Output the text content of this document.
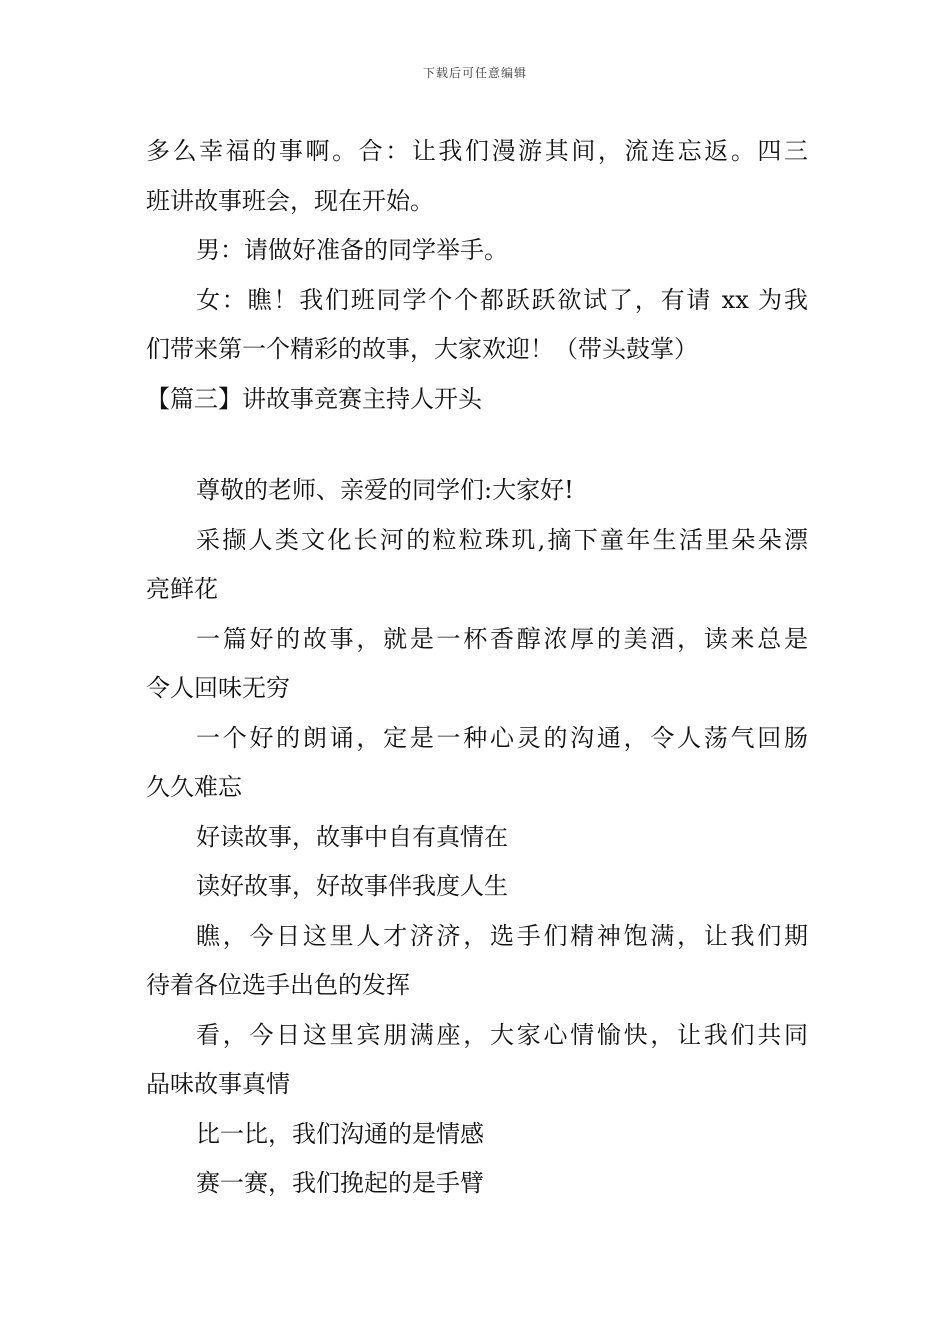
下载后可任意编辑
多么幸福的事啊。合：让我们漫游其间，流连忘返。四三
班讲故事班会，现在开始。
男：请做好准备的同学举手。
女：瞧！我们班同学个个都跃跃欲试了，有请 xx 为我
们带来第一个精彩的故事，大家欢迎！（带头鼓掌）
【篇三】讲故事竞赛主持人开头
尊敬的老师、亲爱的同学们:大家好!
采撷人类文化长河的粒粒珠玑,摘下童年生活里朵朵漂
亮鲜花
一篇好的故事，就是一杯香醇浓厚的美酒，读来总是
令人回味无穷
一个好的朗诵，定是一种心灵的沟通，令人荡气回肠
久久难忘
好读故事，故事中自有真情在
读好故事，好故事伴我度人生
瞧，今日这里人才济济，选手们精神饱满，让我们期
待着各位选手出色的发挥
看，今日这里宾朋满座，大家心情愉快，让我们共同
品味故事真情
比一比，我们沟通的是情感
赛一赛，我们挽起的是手臂
